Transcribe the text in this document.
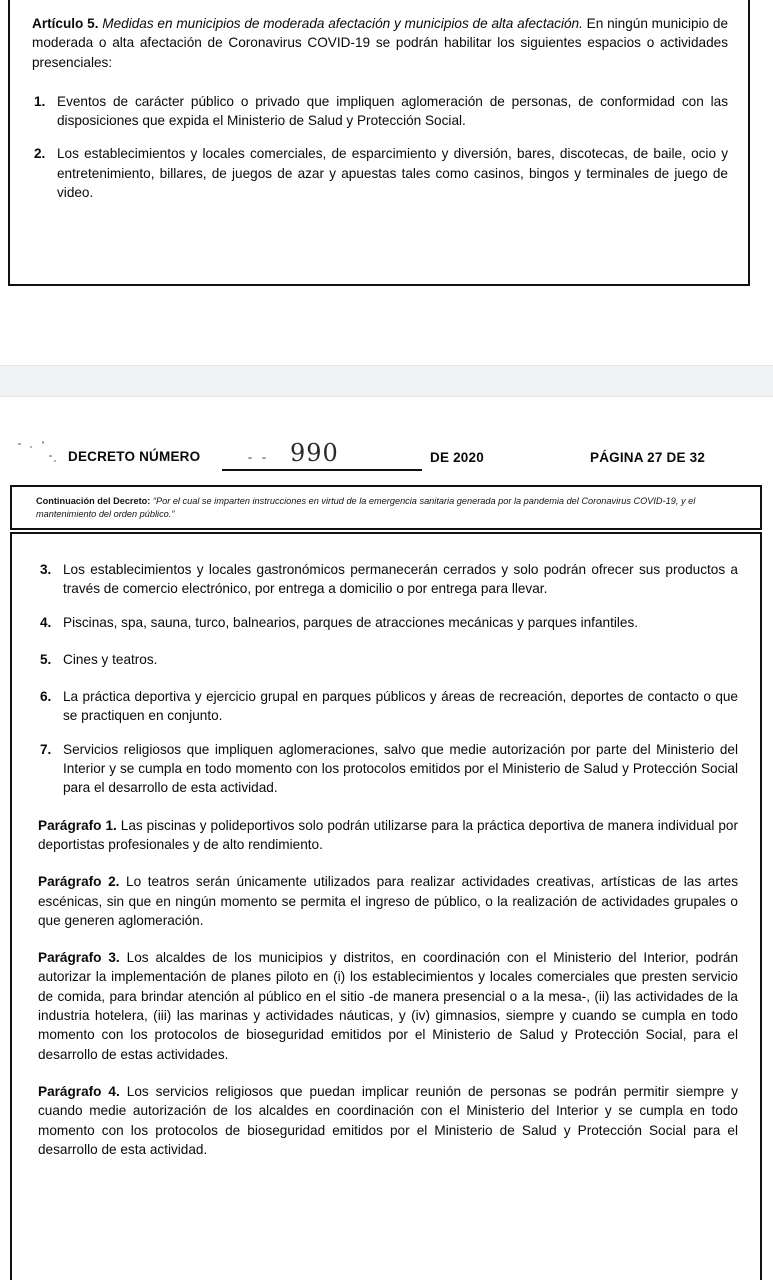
Artículo 5. Medidas en municipios de moderada afectación y municipios de alta afectación. En ningún municipio de moderada o alta afectación de Coronavirus COVID-19 se podrán habilitar los siguientes espacios o actividades presenciales:

1. Eventos de carácter público o privado que impliquen aglomeración de personas, de conformidad con las disposiciones que expida el Ministerio de Salud y Protección Social.
2. Los establecimientos y locales comerciales, de esparcimiento y diversión, bares, discotecas, de baile, ocio y entretenimiento, billares, de juegos de azar y apuestas tales como casinos, bingos y terminales de juego de video.
DECRETO NÚMERO	990	DE 2020	PÁGINA 27 DE 32
Continuación del Decreto: “Por el cual se imparten instrucciones en virtud de la emergencia sanitaria generada por la pandemia del Coronavirus COVID-19, y el mantenimiento del orden público.”
3. Los establecimientos y locales gastronómicos permanecerán cerrados y solo podrán ofrecer sus productos a través de comercio electrónico, por entrega a domicilio o por entrega para llevar.
4. Piscinas, spa, sauna, turco, balnearios, parques de atracciones mecánicas y parques infantiles.
5. Cines y teatros.
6. La práctica deportiva y ejercicio grupal en parques públicos y áreas de recreación, deportes de contacto o que se practiquen en conjunto.
7. Servicios religiosos que impliquen aglomeraciones, salvo que medie autorización por parte del Ministerio del Interior y se cumpla en todo momento con los protocolos emitidos por el Ministerio de Salud y Protección Social para el desarrollo de esta actividad.

Parágrafo 1. Las piscinas y polideportivos solo podrán utilizarse para la práctica deportiva de manera individual por deportistas profesionales y de alto rendimiento.

Parágrafo 2. Lo teatros serán únicamente utilizados para realizar actividades creativas, artísticas de las artes escénicas, sin que en ningún momento se permita el ingreso de público, o la realización de actividades grupales o que generen aglomeración.

Parágrafo 3. Los alcaldes de los municipios y distritos, en coordinación con el Ministerio del Interior, podrán autorizar la implementación de planes piloto en (i) los establecimientos y locales comerciales que presten servicio de comida, para brindar atención al público en el sitio -de manera presencial o a la mesa-, (ii) las actividades de la industria hotelera, (iii) las marinas y actividades náuticas, y (iv) gimnasios, siempre y cuando se cumpla en todo momento con los protocolos de bioseguridad emitidos por el Ministerio de Salud y Protección Social, para el desarrollo de estas actividades.

Parágrafo 4. Los servicios religiosos que puedan implicar reunión de personas se podrán permitir siempre y cuando medie autorización de los alcaldes en coordinación con el Ministerio del Interior y se cumpla en todo momento con los protocolos de bioseguridad emitidos por el Ministerio de Salud y Protección Social para el desarrollo de esta actividad.
